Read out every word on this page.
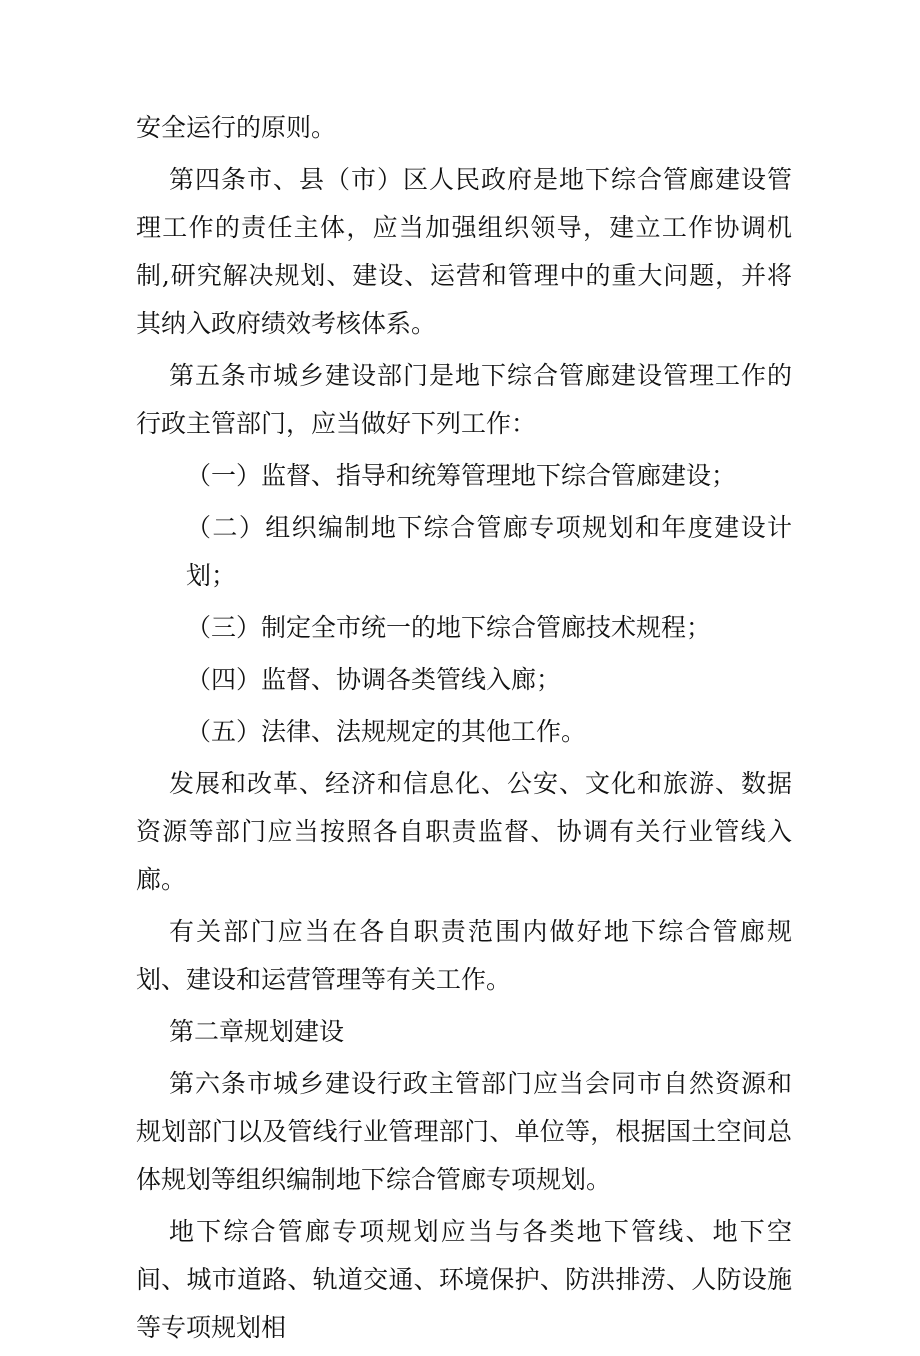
安全运行的原则。

第四条市、县（市）区人民政府是地下综合管廊建设管理工作的责任主体，应当加强组织领导，建立工作协调机制,研究解决规划、建设、运营和管理中的重大问题，并将其纳入政府绩效考核体系。

第五条市城乡建设部门是地下综合管廊建设管理工作的行政主管部门，应当做好下列工作：

（一）监督、指导和统筹管理地下综合管廊建设；

（二）组织编制地下综合管廊专项规划和年度建设计划；

（三）制定全市统一的地下综合管廊技术规程；

（四）监督、协调各类管线入廊；

（五）法律、法规规定的其他工作。

发展和改革、经济和信息化、公安、文化和旅游、数据资源等部门应当按照各自职责监督、协调有关行业管线入廊。

有关部门应当在各自职责范围内做好地下综合管廊规划、建设和运营管理等有关工作。

第二章规划建设

第六条市城乡建设行政主管部门应当会同市自然资源和规划部门以及管线行业管理部门、单位等，根据国土空间总体规划等组织编制地下综合管廊专项规划。

地下综合管廊专项规划应当与各类地下管线、地下空间、城市道路、轨道交通、环境保护、防洪排涝、人防设施等专项规划相
